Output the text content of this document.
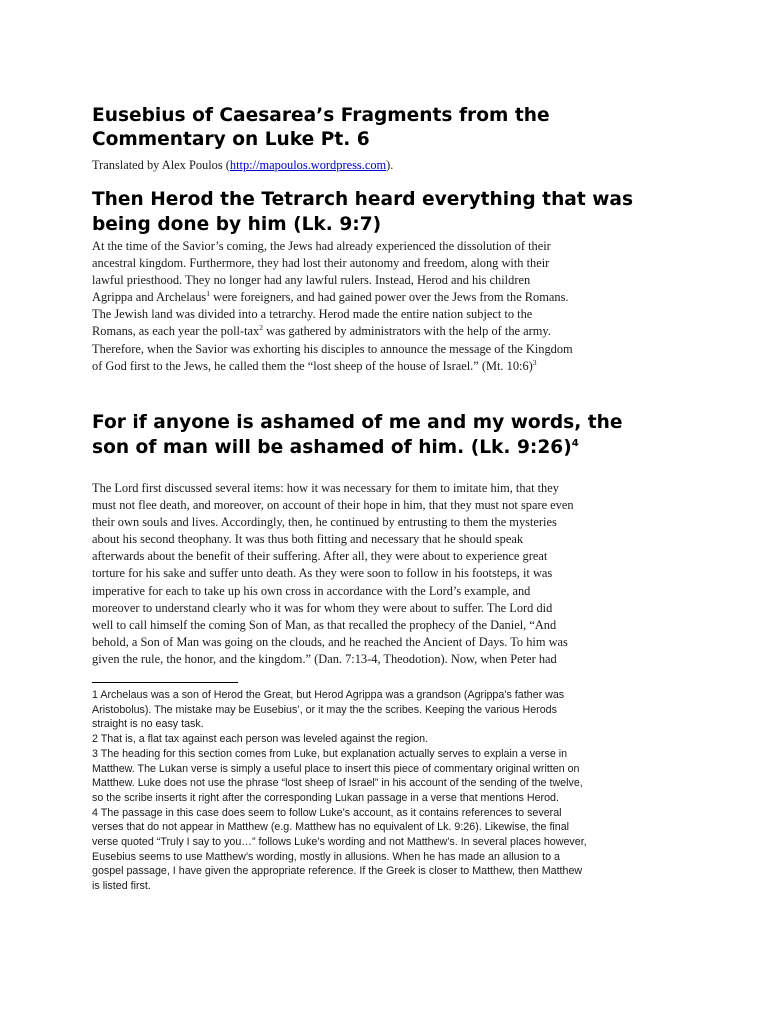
Eusebius of Caesarea’s Fragments from the
Commentary on Luke Pt. 6
Translated by Alex Poulos (http://mapoulos.wordpress.com).
Then Herod the Tetrarch heard everything that was
being done by him (Lk. 9:7)
At the time of the Savior’s coming, the Jews had already experienced the dissolution of their
ancestral kingdom. Furthermore, they had lost their autonomy and freedom, along with their
lawful priesthood. They no longer had any lawful rulers. Instead, Herod and his children
Agrippa and Archelaus$^1$ were foreigners, and had gained power over the Jews from the Romans.
The Jewish land was divided into a tetrarchy. Herod made the entire nation subject to the
Romans, as each year the poll-tax$^2$ was gathered by administrators with the help of the army.
Therefore, when the Savior was exhorting his disciples to announce the message of the Kingdom
of God first to the Jews, he called them the “lost sheep of the house of Israel.” (Mt. 10:6)$^3$
For if anyone is ashamed of me and my words, the
son of man will be ashamed of him. (Lk. 9:26)$^4$
The Lord first discussed several items: how it was necessary for them to imitate him, that they
must not flee death, and moreover, on account of their hope in him, that they must not spare even
their own souls and lives. Accordingly, then, he continued by entrusting to them the mysteries
about his second theophany. It was thus both fitting and necessary that he should speak
afterwards about the benefit of their suffering. After all, they were about to experience great
torture for his sake and suffer unto death. As they were soon to follow in his footsteps, it was
imperative for each to take up his own cross in accordance with the Lord’s example, and
moreover to understand clearly who it was for whom they were about to suffer. The Lord did
well to call himself the coming Son of Man, as that recalled the prophecy of the Daniel, “And
behold, a Son of Man was going on the clouds, and he reached the Ancient of Days. To him was
given the rule, the honor, and the kingdom.” (Dan. 7:13-4, Theodotion). Now, when Peter had
1 Archelaus was a son of Herod the Great, but Herod Agrippa was a grandson (Agrippa’s father was
Aristobolus). The mistake may be Eusebius’, or it may the the scribes. Keeping the various Herods
straight is no easy task.
2 That is, a flat tax against each person was leveled against the region.
3 The heading for this section comes from Luke, but explanation actually serves to explain a verse in
Matthew. The Lukan verse is simply a useful place to insert this piece of commentary original written on
Matthew. Luke does not use the phrase “lost sheep of Israel” in his account of the sending of the twelve,
so the scribe inserts it right after the corresponding Lukan passage in a verse that mentions Herod.
4 The passage in this case does seem to follow Luke’s account, as it contains references to several
verses that do not appear in Matthew (e.g. Matthew has no equivalent of Lk. 9:26). Likewise, the final
verse quoted “Truly I say to you…” follows Luke’s wording and not Matthew’s. In several places however,
Eusebius seems to use Matthew’s wording, mostly in allusions. When he has made an allusion to a
gospel passage, I have given the appropriate reference. If the Greek is closer to Matthew, then Matthew
is listed first.
